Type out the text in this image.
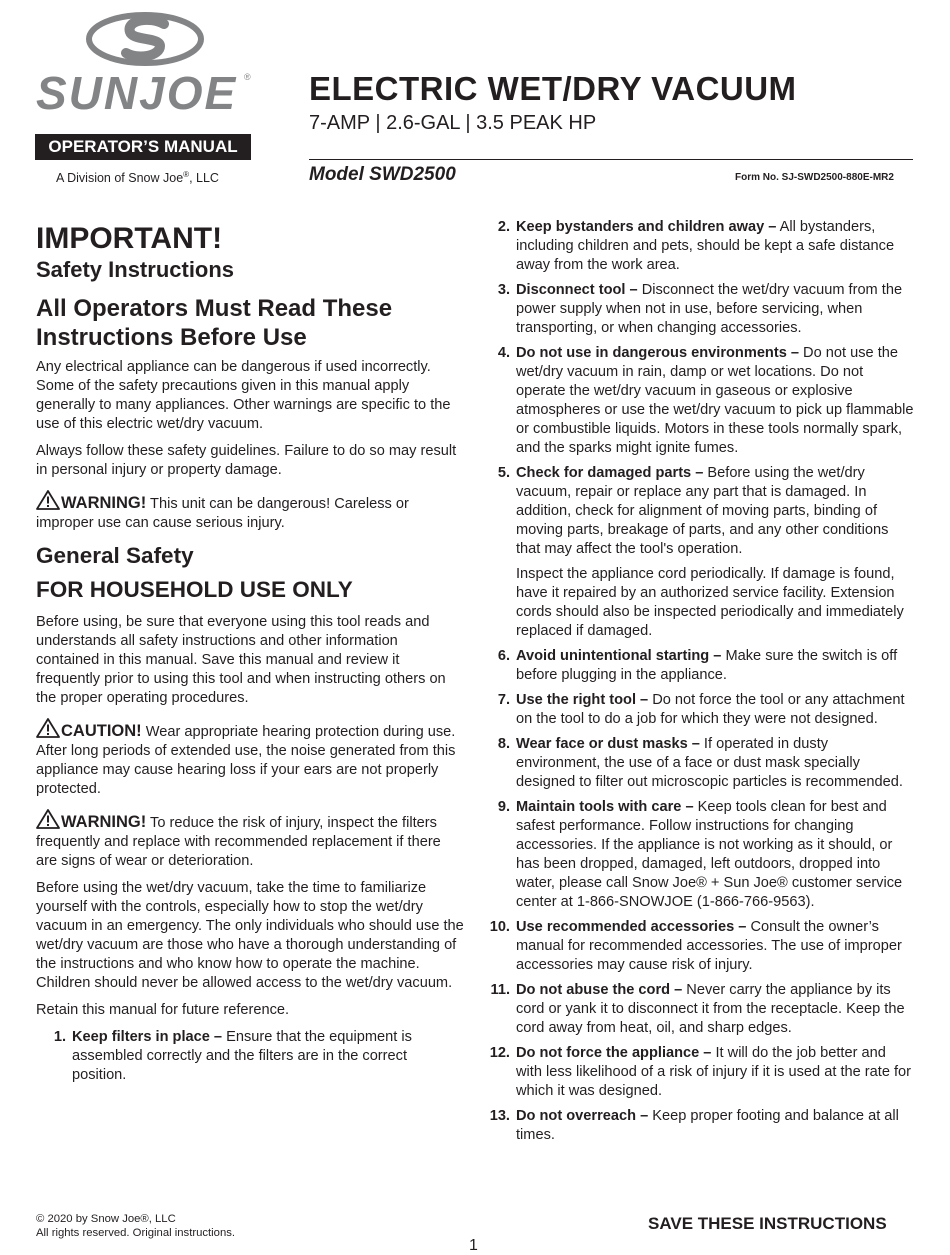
SUNJOE ®
OPERATOR’S MANUAL
A Division of Snow Joe®, LLC
ELECTRIC WET/DRY VACUUM
7-AMP | 2.6-GAL | 3.5 PEAK HP
Model SWD2500	Form No. SJ-SWD2500-880E-MR2
IMPORTANT!
Safety Instructions
All Operators Must Read These
Instructions Before Use

Any electrical appliance can be dangerous if used incorrectly. Some of the safety precautions given in this manual apply generally to many appliances. Other warnings are specific to the use of this electric wet/dry vacuum.

Always follow these safety guidelines. Failure to do so may result in personal injury or property damage.

WARNING! This unit can be dangerous! Careless or improper use can cause serious injury.

General Safety
FOR HOUSEHOLD USE ONLY

Before using, be sure that everyone using this tool reads and understands all safety instructions and other information contained in this manual. Save this manual and review it frequently prior to using this tool and when instructing others on the proper operating procedures.

CAUTION! Wear appropriate hearing protection during use. After long periods of extended use, the noise generated from this appliance may cause hearing loss if your ears are not properly protected.

WARNING! To reduce the risk of injury, inspect the filters frequently and replace with recommended replacement if there are signs of wear or deterioration.

Before using the wet/dry vacuum, take the time to familiarize yourself with the controls, especially how to stop the wet/dry vacuum in an emergency. The only individuals who should use the wet/dry vacuum are those who have a thorough understanding of the instructions and who know how to operate the machine. Children should never be allowed access to the wet/dry vacuum.

Retain this manual for future reference.

1. Keep filters in place – Ensure that the equipment is assembled correctly and the filters are in the correct position.
2. Keep bystanders and children away – All bystanders, including children and pets, should be kept a safe distance away from the work area.
3. Disconnect tool – Disconnect the wet/dry vacuum from the power supply when not in use, before servicing, when transporting, or when changing accessories.
4. Do not use in dangerous environments – Do not use the wet/dry vacuum in rain, damp or wet locations. Do not operate the wet/dry vacuum in gaseous or explosive atmospheres or use the wet/dry vacuum to pick up flammable or combustible liquids. Motors in these tools normally spark, and the sparks might ignite fumes.
5. Check for damaged parts – Before using the wet/dry vacuum, repair or replace any part that is damaged. In addition, check for alignment of moving parts, binding of moving parts, breakage of parts, and any other conditions that may affect the tool's operation.
Inspect the appliance cord periodically. If damage is found, have it repaired by an authorized service facility. Extension cords should also be inspected periodically and immediately replaced if damaged.
6. Avoid unintentional starting – Make sure the switch is off before plugging in the appliance.
7. Use the right tool – Do not force the tool or any attachment on the tool to do a job for which they were not designed.
8. Wear face or dust masks – If operated in dusty environment, the use of a face or dust mask specially designed to filter out microscopic particles is recommended.
9. Maintain tools with care – Keep tools clean for best and safest performance. Follow instructions for changing accessories. If the appliance is not working as it should, or has been dropped, damaged, left outdoors, dropped into water, please call Snow Joe® + Sun Joe® customer service center at 1-866-SNOWJOE (1-866-766-9563).
10. Use recommended accessories – Consult the owner’s manual for recommended accessories. The use of improper accessories may cause risk of injury.
11. Do not abuse the cord – Never carry the appliance by its cord or yank it to disconnect it from the receptacle. Keep the cord away from heat, oil, and sharp edges.
12. Do not force the appliance – It will do the job better and with less likelihood of a risk of injury if it is used at the rate for which it was designed.
13. Do not overreach – Keep proper footing and balance at all times.
© 2020 by Snow Joe®, LLC
All rights reserved. Original instructions.	SAVE THESE INSTRUCTIONS
1
